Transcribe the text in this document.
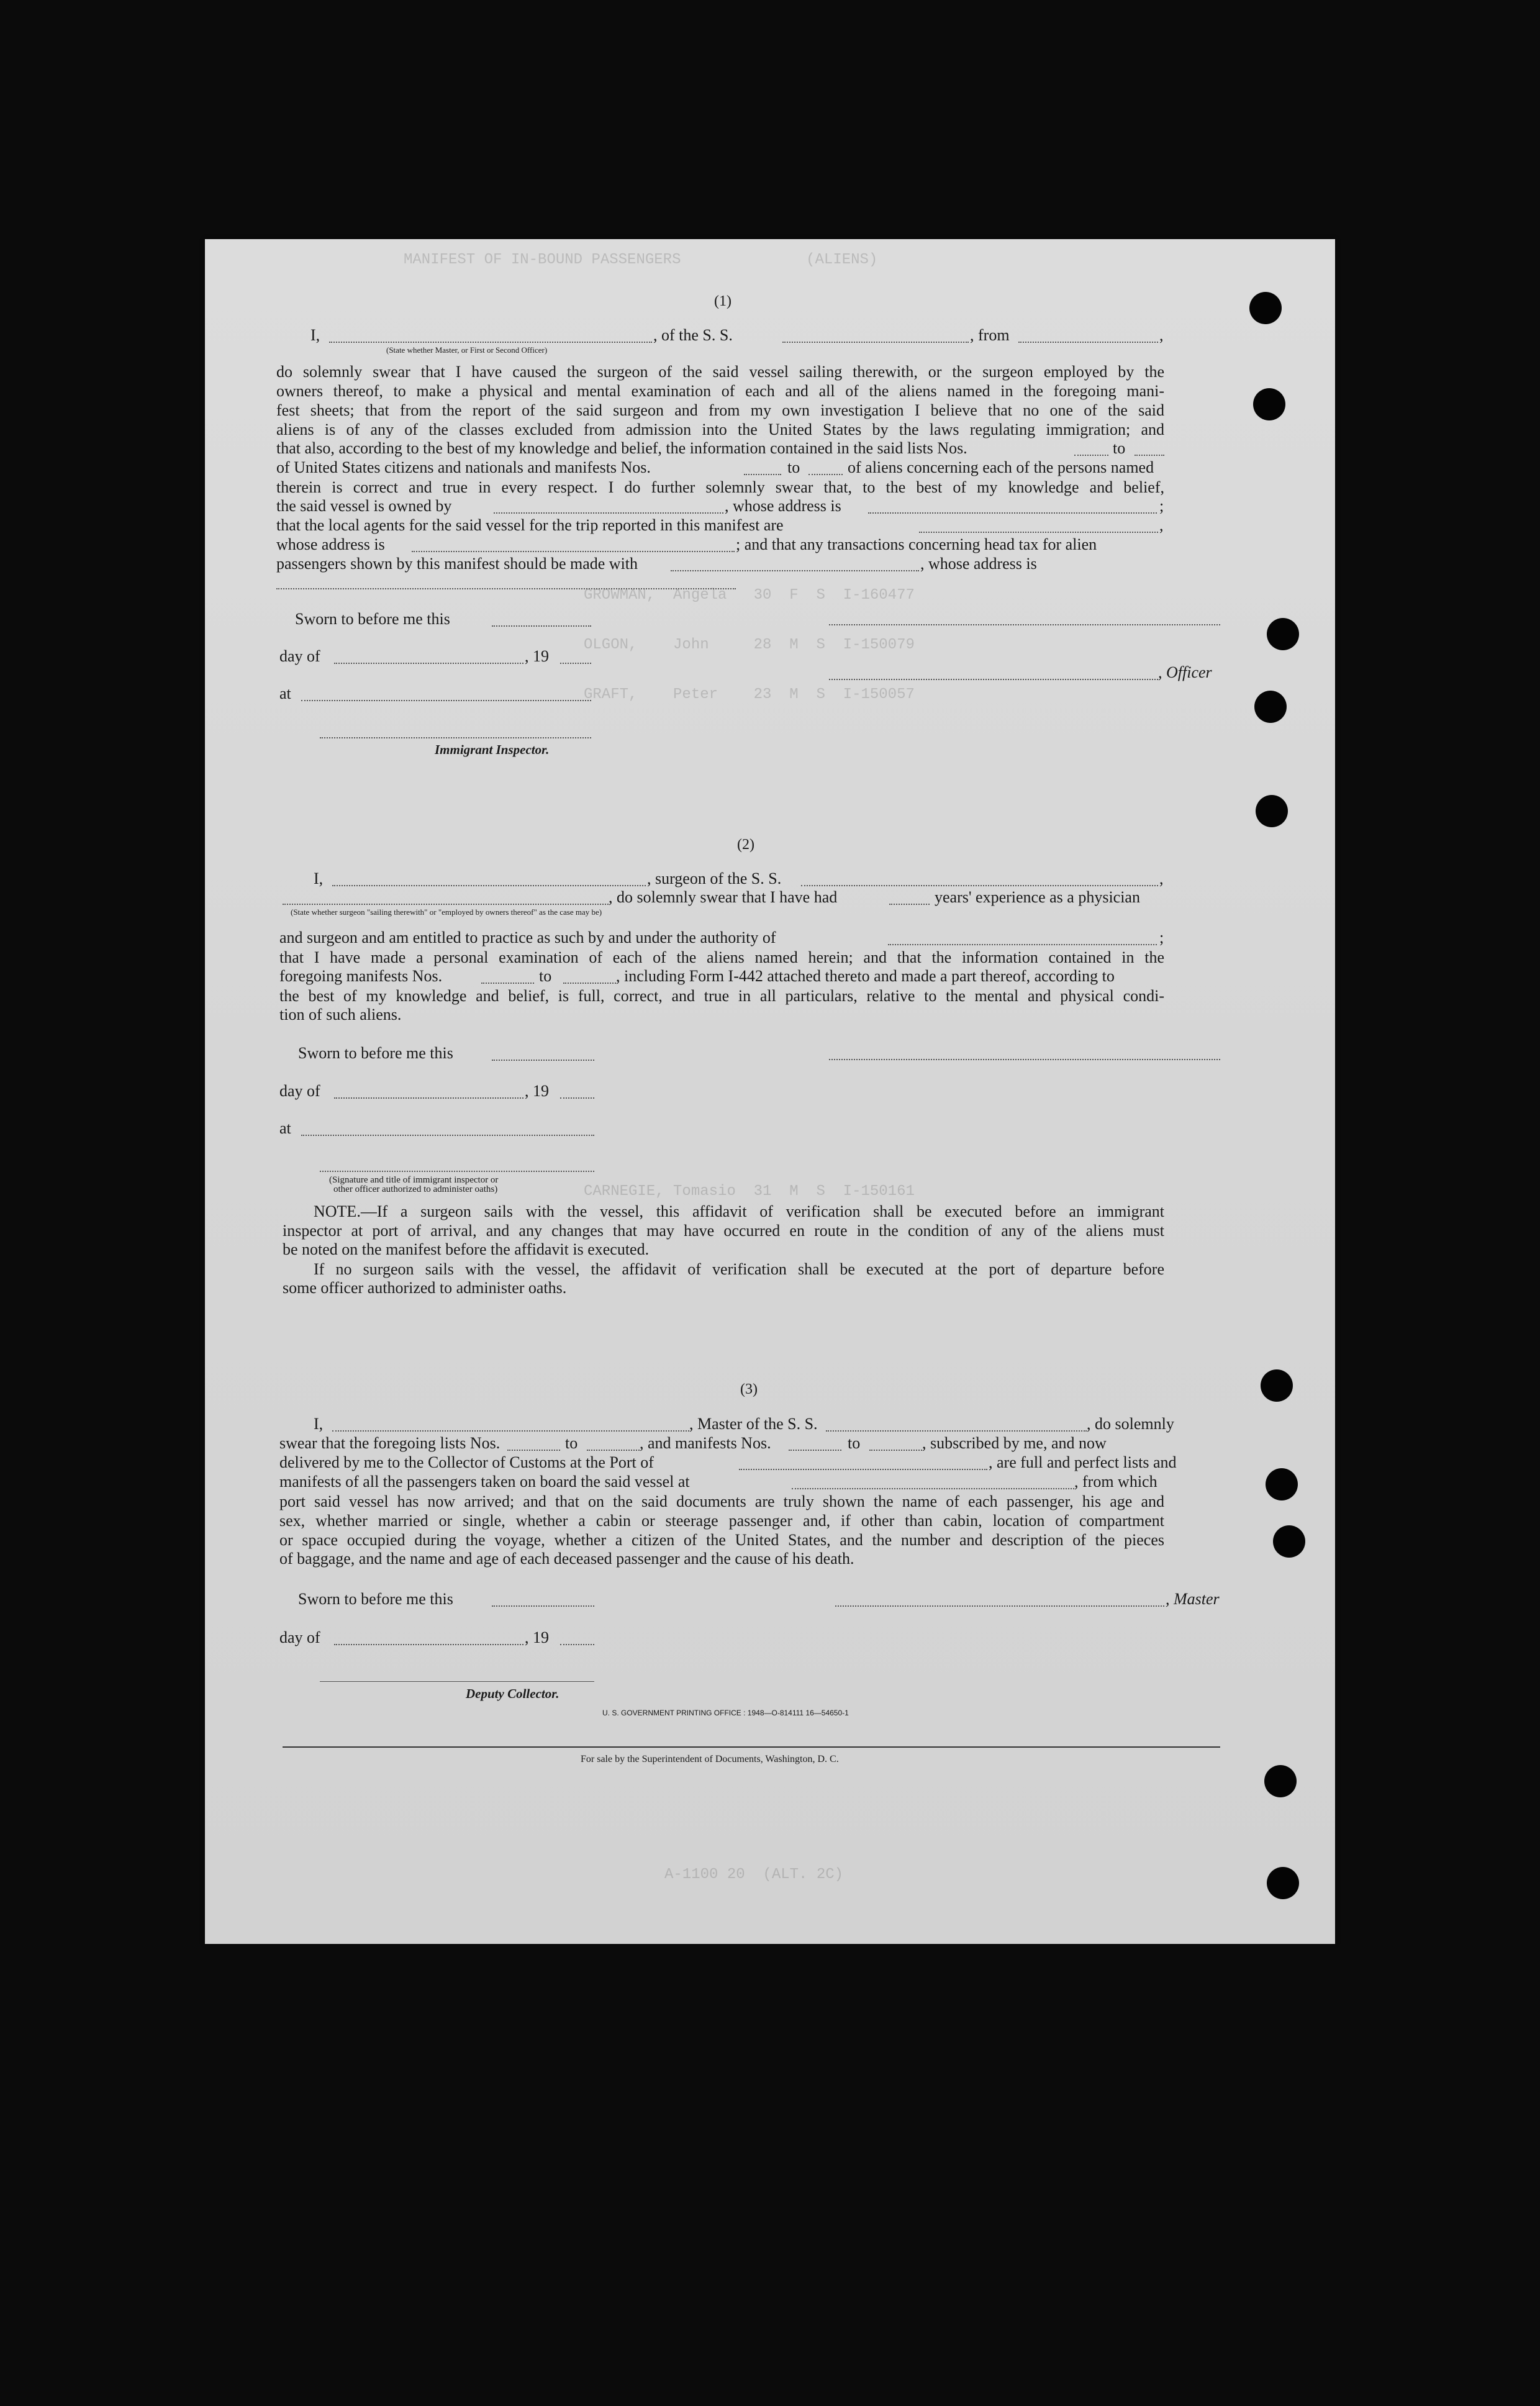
MANIFEST OF IN-BOUND PASSENGERS              (ALIENS)
GROWMAN,  Angela   30  F  S  I-160477
OLGON,    John     28  M  S  I-150079
GRAFT,    Peter    23  M  S  I-150057
CARNEGIE, Tomasio  31  M  S  I-150161
A-1100 20  (ALT. 2C)
(1)
I,	, of the S. S.	, from	,
(State whether Master, or First or Second Officer)
do solemnly swear that I have caused the surgeon of the said vessel sailing therewith, or the surgeon employed by the
owners thereof, to make a physical and mental examination of each and all of the aliens named in the foregoing mani-
fest sheets; that from the report of the said surgeon and from my own investigation I believe that no one of the said
aliens is of any of the classes excluded from admission into the United States by the laws regulating immigration; and
that also, according to the best of my knowledge and belief, the information contained in the said lists Nos.	to
of United States citizens and nationals and manifests Nos.	to	of aliens concerning each of the persons named
therein is correct and true in every respect. I do further solemnly swear that, to the best of my knowledge and belief,
the said vessel is owned by	, whose address is	;
that the local agents for the said vessel for the trip reported in this manifest are	,
whose address is	; and that any transactions concerning head tax for alien
passengers shown by this manifest should be made with	, whose address is
Sworn to before me this
day of	, 19
, Officer
at
Immigrant Inspector.
(2)
I,	, surgeon of the S. S.	,
, do solemnly swear that I have had	years' experience as a physician
(State whether surgeon "sailing therewith" or "employed by owners thereof" as the case may be)
and surgeon and am entitled to practice as such by and under the authority of	;
that I have made a personal examination of each of the aliens named herein; and that the information contained in the
foregoing manifests Nos.	to	, including Form I-442 attached thereto and made a part thereof, according to
the best of my knowledge and belief, is full, correct, and true in all particulars, relative to the mental and physical condi-
tion of such aliens.
Sworn to before me this
day of	, 19
at
(Signature and title of immigrant inspector or
other officer authorized to administer oaths)
NOTE.—If a surgeon sails with the vessel, this affidavit of verification shall be executed before an immigrant
inspector at port of arrival, and any changes that may have occurred en route in the condition of any of the aliens must
be noted on the manifest before the affidavit is executed.
If no surgeon sails with the vessel, the affidavit of verification shall be executed at the port of departure before
some officer authorized to administer oaths.
(3)
I,	, Master of the S. S.	, do solemnly
swear that the foregoing lists Nos.	to	, and manifests Nos.	to	, subscribed by me, and now
delivered by me to the Collector of Customs at the Port of	, are full and perfect lists and
manifests of all the passengers taken on board the said vessel at	, from which
port said vessel has now arrived; and that on the said documents are truly shown the name of each passenger, his age and
sex, whether married or single, whether a cabin or steerage passenger and, if other than cabin, location of compartment
or space occupied during the voyage, whether a citizen of the United States, and the number and description of the pieces
of baggage, and the name and age of each deceased passenger and the cause of his death.
Sworn to before me this	, Master
day of	, 19
Deputy Collector.
U. S. GOVERNMENT PRINTING OFFICE : 1948—O-814111 16—54650-1
For sale by the Superintendent of Documents, Washington, D. C.
